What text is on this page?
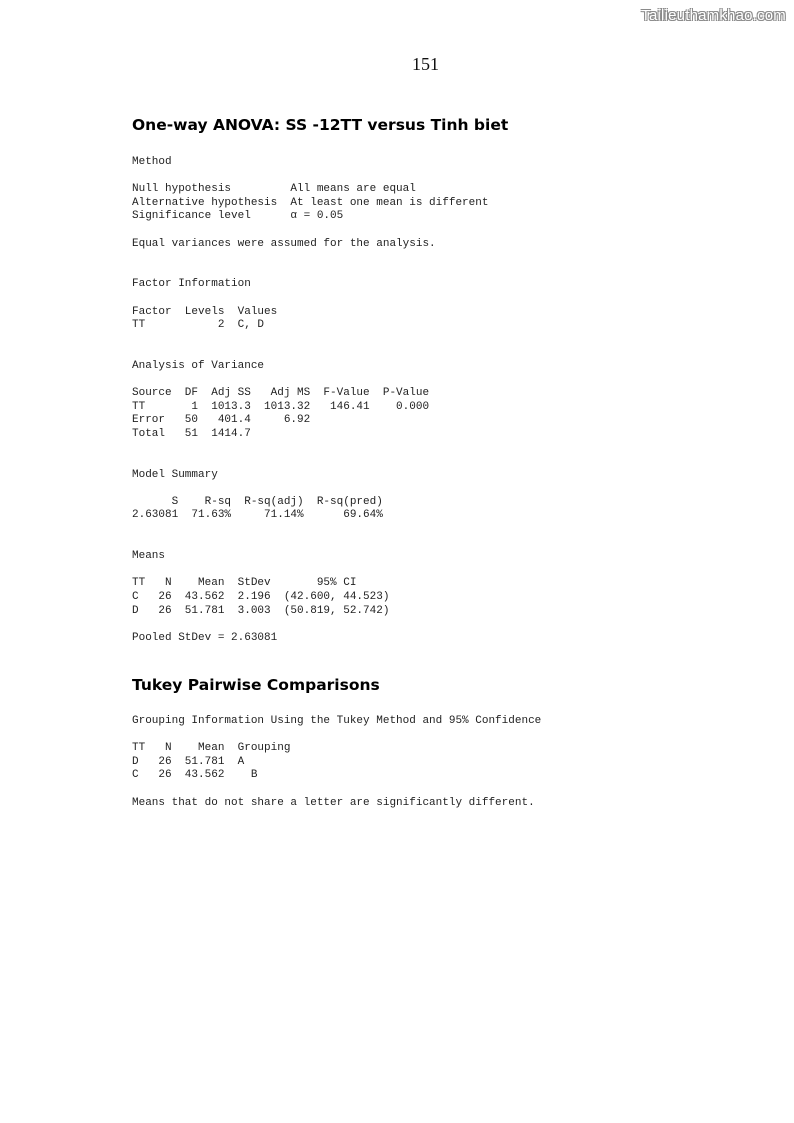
Tailieuthamkhao.com
151
One-way ANOVA: SS -12TT versus Tinh biet
Method

Null hypothesis         All means are equal
Alternative hypothesis  At least one mean is different
Significance level      α = 0.05

Equal variances were assumed for the analysis.

Factor Information

Factor  Levels  Values
TT           2  C, D

Analysis of Variance

Source  DF  Adj SS   Adj MS  F-Value  P-Value
TT       1  1013.3  1013.32   146.41    0.000
Error   50   401.4     6.92
Total   51  1414.7

Model Summary

S    R-sq  R-sq(adj)  R-sq(pred)
2.63081  71.63%     71.14%      69.64%

Means

TT   N    Mean  StDev       95% CI
C   26  43.562  2.196  (42.600, 44.523)
D   26  51.781  3.003  (50.819, 52.742)

Pooled StDev = 2.63081
Tukey Pairwise Comparisons
Grouping Information Using the Tukey Method and 95% Confidence

TT   N    Mean  Grouping
D   26  51.781  A
C   26  43.562    B

Means that do not share a letter are significantly different.
